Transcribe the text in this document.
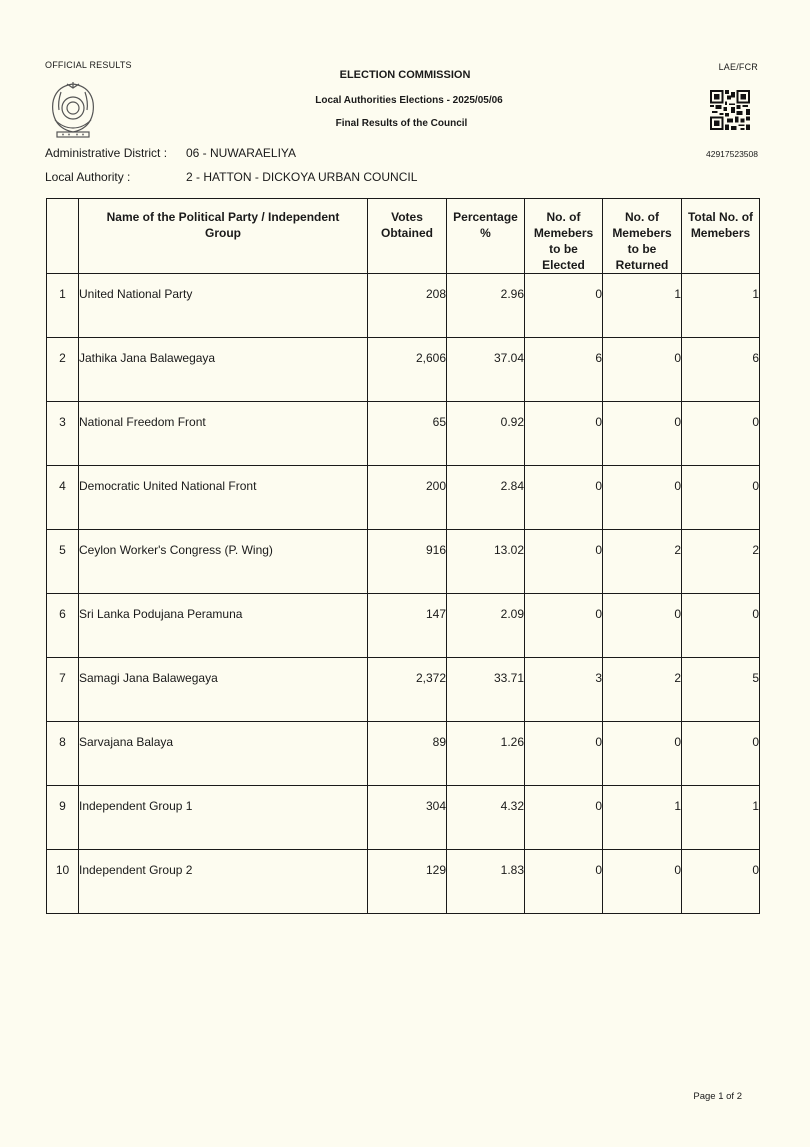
OFFICIAL RESULTS	LAE/FCR
ELECTION COMMISSION
Local Authorities Elections - 2025/05/06
Final Results of the Council
42917523508
Administrative District : 06 - NUWARAELIYA
Local Authority :	2 - HATTON - DICKOYA URBAN COUNCIL
	Name of the Political Party / Independent Group	Votes Obtained	Percentage %	No. of Memebers to be Elected	No. of Memebers to be Returned	Total No. of Memebers
1	United National Party	208	2.96	0	1	1
2	Jathika Jana Balawegaya	2,606	37.04	6	0	6
3	National Freedom Front	65	0.92	0	0	0
4	Democratic United National Front	200	2.84	0	0	0
5	Ceylon Worker's Congress (P. Wing)	916	13.02	0	2	2
6	Sri Lanka Podujana Peramuna	147	2.09	0	0	0
7	Samagi Jana Balawegaya	2,372	33.71	3	2	5
8	Sarvajana Balaya	89	1.26	0	0	0
9	Independent Group 1	304	4.32	0	1	1
10	Independent Group 2	129	1.83	0	0	0
Page 1 of 2
